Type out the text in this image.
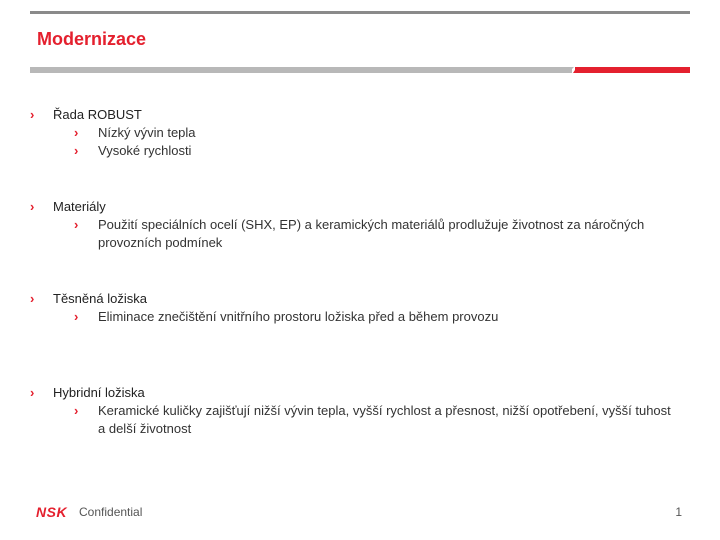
Modernizace
› Řada ROBUST
› Nízký vývin tepla
› Vysoké rychlosti
› Materiály
› Použití speciálních ocelí (SHX, EP) a keramických materiálů prodlužuje životnost za náročných provozních podmínek
› Těsněná ložiska
› Eliminace znečištění vnitřního prostoru ložiska před a během provozu
› Hybridní ložiska
› Keramické kuličky zajišťují nižší vývin tepla, vyšší rychlost a přesnost, nižší opotřebení, vyšší tuhost a delší životnost
NSK Confidential	1
